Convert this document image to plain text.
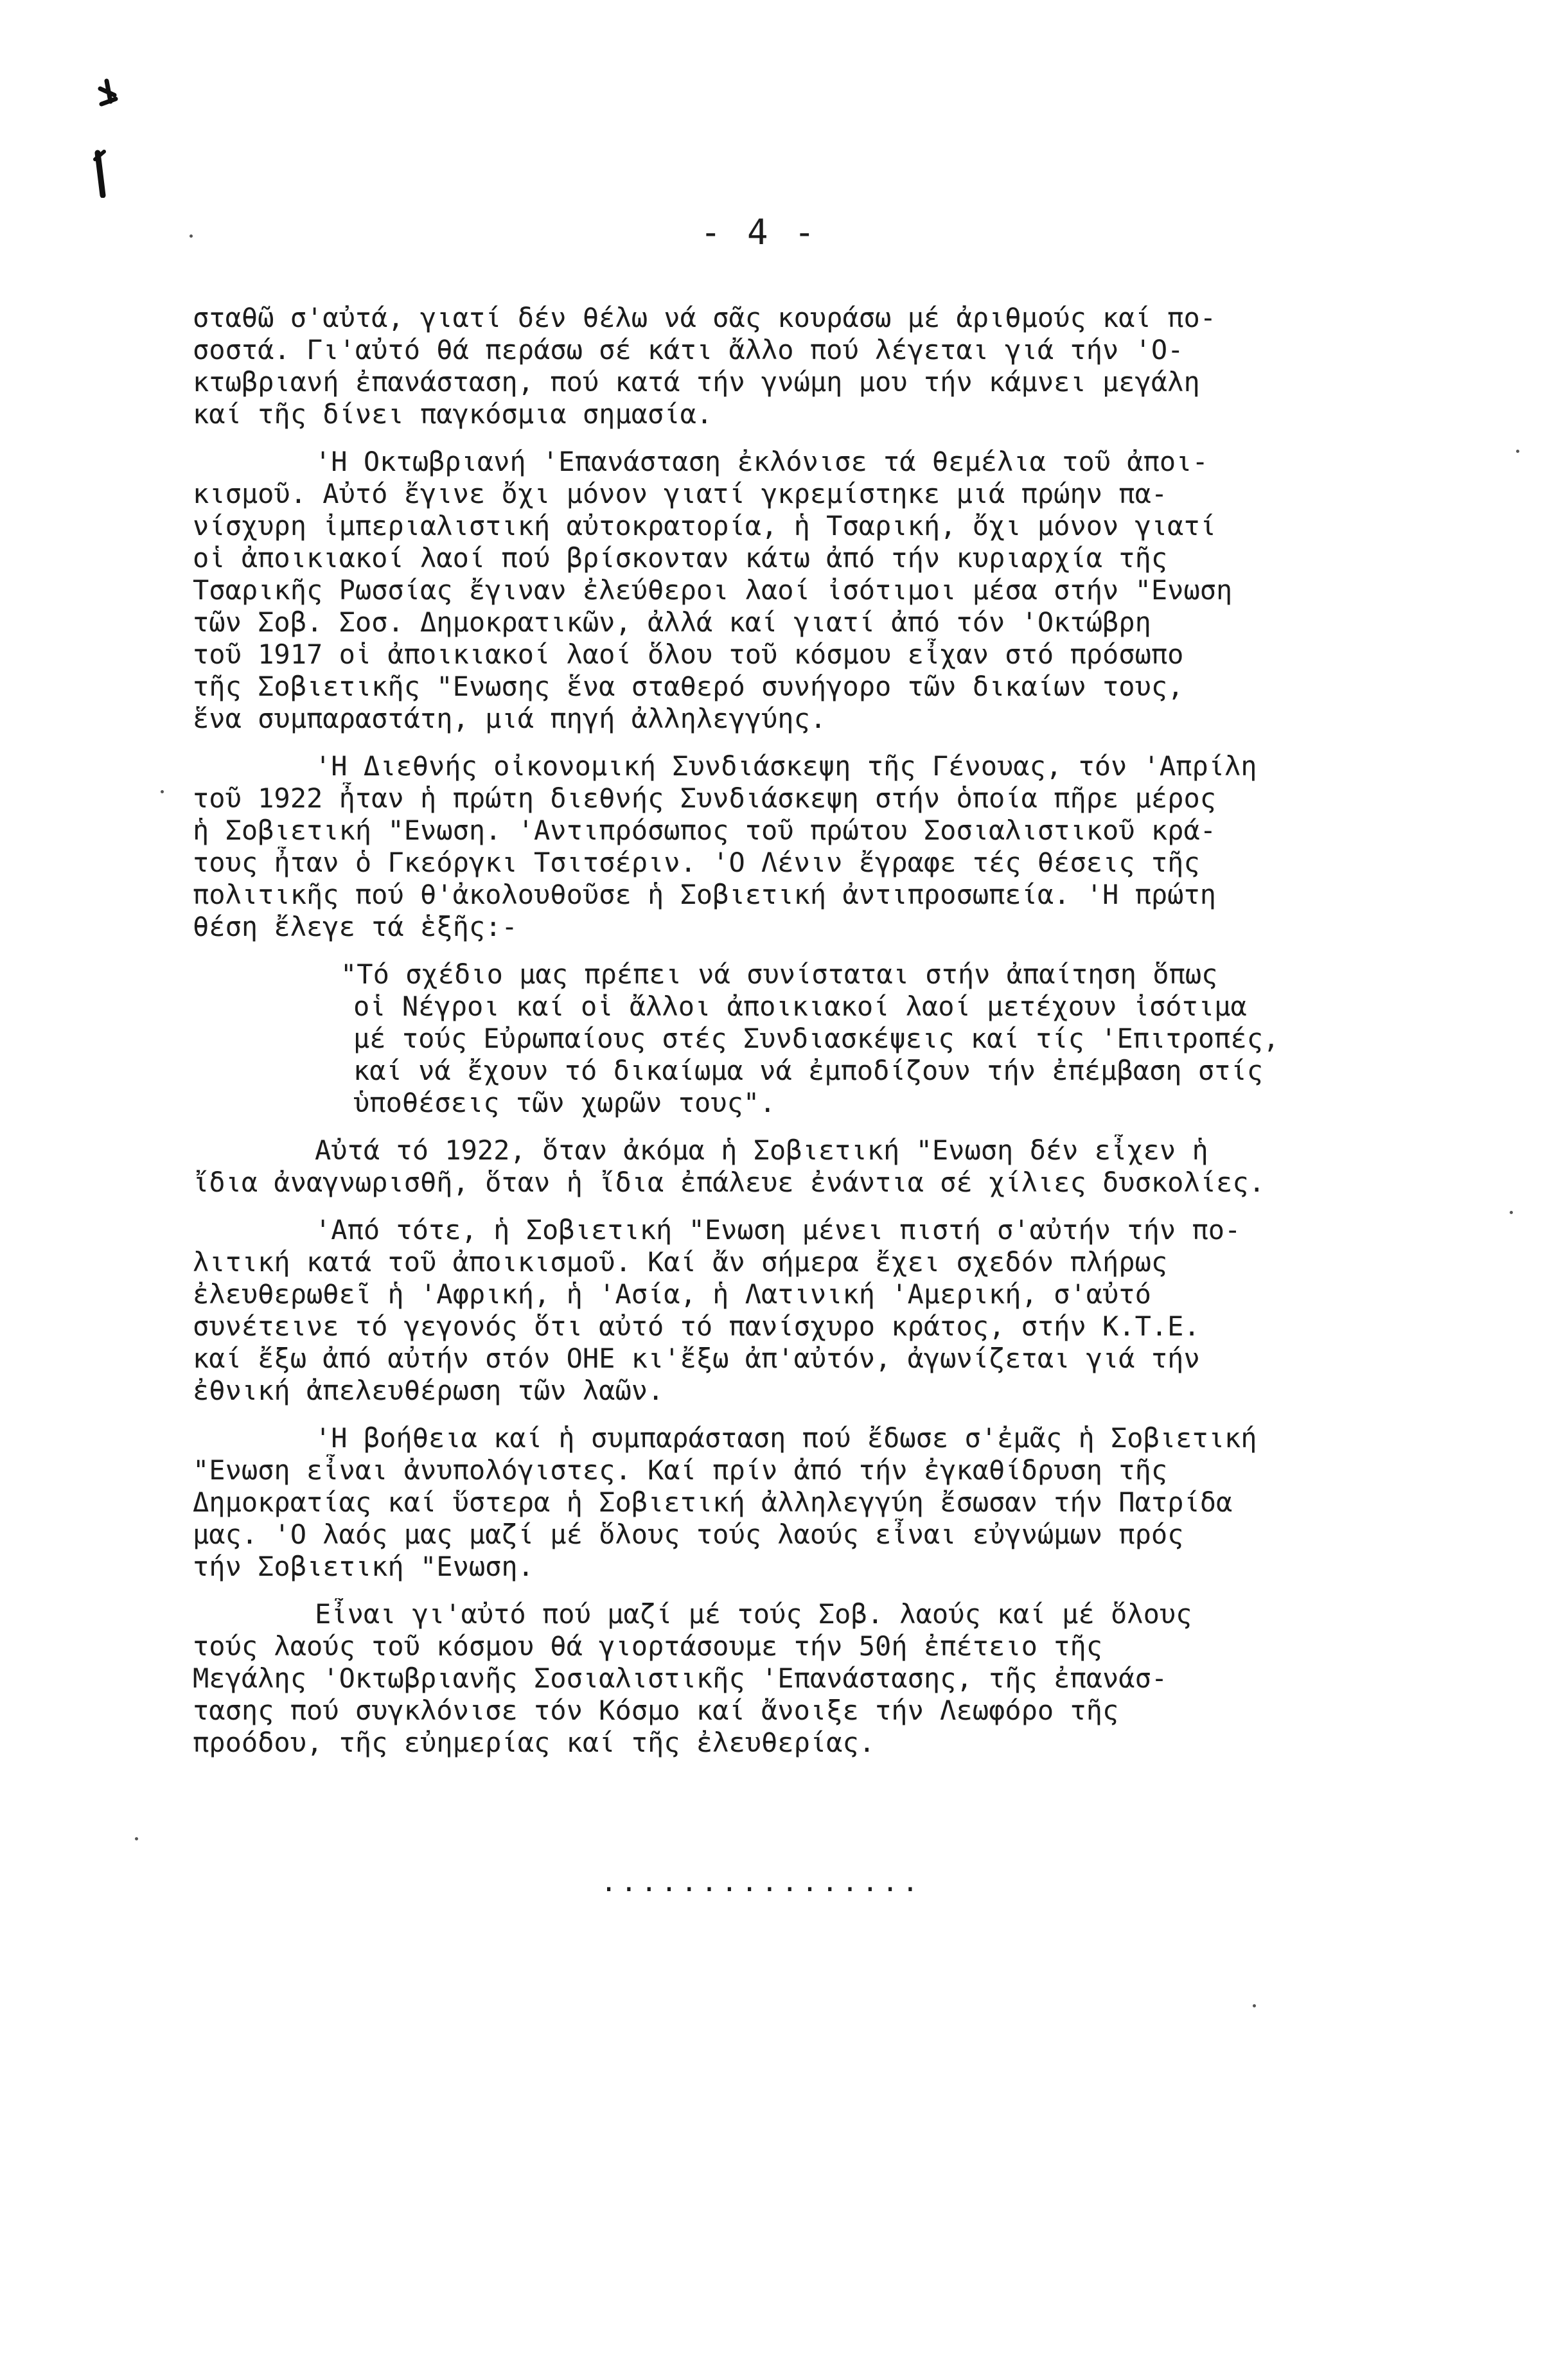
- 4 -
σταθῶ σ'αὐτά, γιατί δέν θέλω νά σᾶς κουράσω μέ ἀριθμούς καί πο-
σοστά. Γι'αὐτό θά περάσω σέ κάτι ἄλλο πού λέγεται γιά τήν 'Ο-
κτωβριανή ἐπανάσταση, πού κατά τήν γνώμη μου τήν κάμνει μεγάλη
καί τῆς δίνει παγκόσμια σημασία.
'Η Οκτωβριανή 'Επανάσταση ἐκλόνισε τά θεμέλια τοῦ ἀποι-
κισμοῦ. Αὐτό ἔγινε ὄχι μόνον γιατί γκρεμίστηκε μιά πρώην πα-
νίσχυρη ἰμπεριαλιστική αὐτοκρατορία, ἡ Τσαρική, ὄχι μόνον γιατί
οἱ ἀποικιακοί λαοί πού βρίσκονταν κάτω ἀπό τήν κυριαρχία τῆς
Τσαρικῆς Ρωσσίας ἔγιναν ἐλεύθεροι λαοί ἰσότιμοι μέσα στήν "Ενωση
τῶν Σοβ. Σοσ. Δημοκρατικῶν, ἀλλά καί γιατί ἀπό τόν 'Οκτώβρη
τοῦ 1917 οἱ ἀποικιακοί λαοί ὅλου τοῦ κόσμου εἶχαν στό πρόσωπο
τῆς Σοβιετικῆς "Ενωσης ἕνα σταθερό συνήγορο τῶν δικαίων τους,
ἕνα συμπαραστάτη, μιά πηγή ἀλληλεγγύης.
'Η Διεθνής οἰκονομική Συνδιάσκεψη τῆς Γένουας, τόν 'Απρίλη
τοῦ 1922 ἦταν ἡ πρώτη διεθνής Συνδιάσκεψη στήν ὁποία πῆρε μέρος
ἡ Σοβιετική "Ενωση. 'Αντιπρόσωπος τοῦ πρώτου Σοσιαλιστικοῦ κρά-
τους ἦταν ὁ Γκεόργκι Τσιτσέριν. 'Ο Λένιν ἔγραφε τές θέσεις τῆς
πολιτικῆς πού θ'ἀκολουθοῦσε ἡ Σοβιετική ἀντιπροσωπεία. 'Η πρώτη
θέση ἔλεγε τά ἑξῆς:-
"Τό σχέδιο μας πρέπει νά συνίσταται στήν ἀπαίτηση ὅπως
οἱ Νέγροι καί οἱ ἄλλοι ἀποικιακοί λαοί μετέχουν ἰσότιμα
μέ τούς Εὐρωπαίους στές Συνδιασκέψεις καί τίς 'Επιτροπές,
καί νά ἔχουν τό δικαίωμα νά ἐμποδίζουν τήν ἐπέμβαση στίς
ὑποθέσεις τῶν χωρῶν τους".
Αὐτά τό 1922, ὅταν ἀκόμα ἡ Σοβιετική "Ενωση δέν εἶχεν ἡ
ἴδια ἀναγνωρισθῆ, ὅταν ἡ ἴδια ἐπάλευε ἐνάντια σέ χίλιες δυσκολίες.
'Από τότε, ἡ Σοβιετική "Ενωση μένει πιστή σ'αὐτήν τήν πο-
λιτική κατά τοῦ ἀποικισμοῦ. Καί ἄν σήμερα ἔχει σχεδόν πλήρως
ἐλευθερωθεῖ ἡ 'Αφρική, ἡ 'Ασία, ἡ Λατινική 'Αμερική, σ'αὐτό
συνέτεινε τό γεγονός ὅτι αὐτό τό πανίσχυρο κράτος, στήν Κ.Τ.Ε.
καί ἔξω ἀπό αὐτήν στόν ΟΗΕ κι'ἔξω ἀπ'αὐτόν, ἀγωνίζεται γιά τήν
ἐθνική ἀπελευθέρωση τῶν λαῶν.
'Η βοήθεια καί ἡ συμπαράσταση πού ἔδωσε σ'ἐμᾶς ἡ Σοβιετική
"Ενωση εἶναι ἀνυπολόγιστες. Καί πρίν ἀπό τήν ἐγκαθίδρυση τῆς
Δημοκρατίας καί ὕστερα ἡ Σοβιετική ἀλληλεγγύη ἔσωσαν τήν Πατρίδα
μας. 'Ο λαός μας μαζί μέ ὅλους τούς λαούς εἶναι εὐγνώμων πρός
τήν Σοβιετική "Ενωση.
Εἶναι γι'αὐτό πού μαζί μέ τούς Σοβ. λαούς καί μέ ὅλους
τούς λαούς τοῦ κόσμου θά γιορτάσουμε τήν 50ή ἐπέτειο τῆς
Μεγάλης 'Οκτωβριανῆς Σοσιαλιστικῆς 'Επανάστασης, τῆς ἐπανάσ-
τασης πού συγκλόνισε τόν Κόσμο καί ἄνοιξε τήν Λεωφόρο τῆς
προόδου, τῆς εὐημερίας καί τῆς ἐλευθερίας.
................
